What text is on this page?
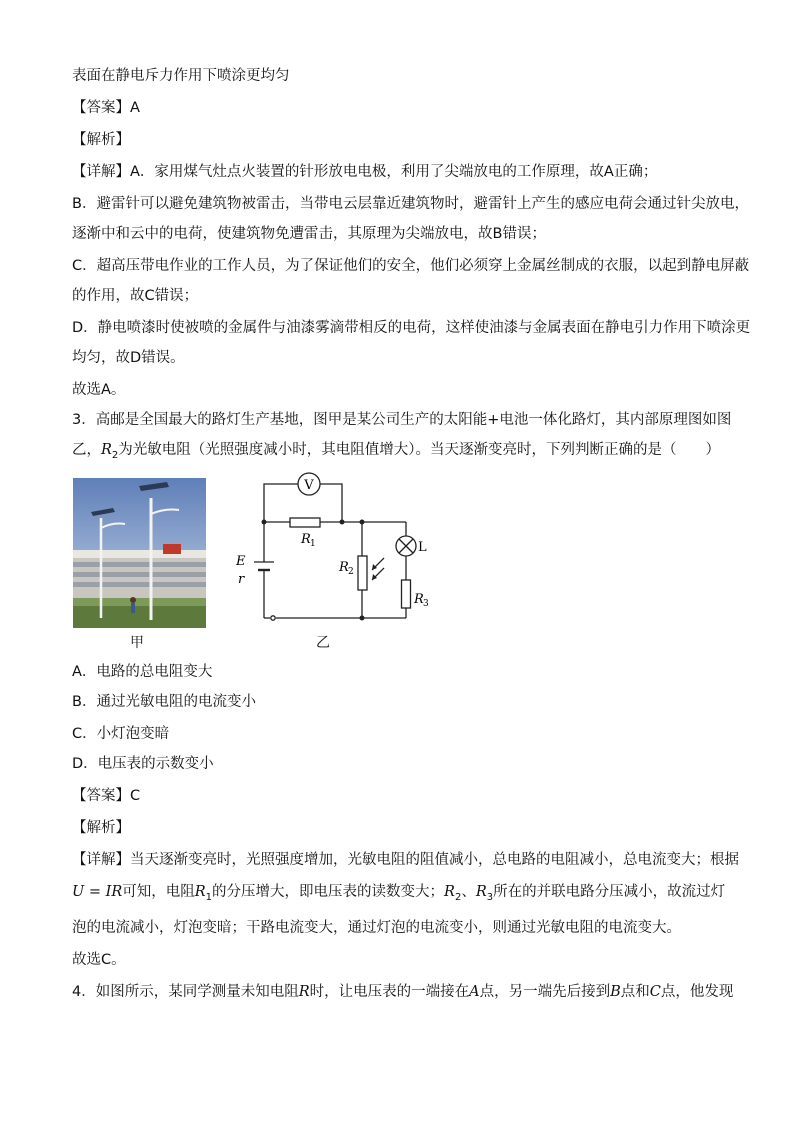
表面在静电斥力作用下喷涂更均匀
【答案】A
【解析】
【详解】A．家用煤气灶点火装置的针形放电电极，利用了尖端放电的工作原理，故A正确；
B．避雷针可以避免建筑物被雷击，当带电云层靠近建筑物时，避雷针上产生的感应电荷会通过针尖放电，
逐渐中和云中的电荷，使建筑物免遭雷击，其原理为尖端放电，故B错误；
C．超高压带电作业的工作人员，为了保证他们的安全，他们必须穿上金属丝制成的衣服，以起到静电屏蔽
的作用，故C错误；
D．静电喷漆时使被喷的金属件与油漆雾滴带相反的电荷，这样使油漆与金属表面在静电引力作用下喷涂更
均匀，故D错误。
故选A。
3．高邮是全国最大的路灯生产基地，图甲是某公司生产的太阳能+电池一体化路灯，其内部原理图如图
乙，$R_2$为光敏电阻（光照强度减小时，其电阻值增大）。当天逐渐变亮时，下列判断正确的是（　　）
甲
V
R 1
E
r
R 2
L
R 3
乙
A．电路的总电阻变大
B．通过光敏电阻的电流变小
C．小灯泡变暗
D．电压表的示数变小
【答案】C
【解析】
【详解】当天逐渐变亮时，光照强度增加，光敏电阻的阻值减小，总电路的电阻减小，总电流变大；根据
U = IR可知，电阻$R_1$的分压增大，即电压表的读数变大；$R_2$、$R_3$所在的并联电路分压减小，故流过灯
泡的电流减小，灯泡变暗；干路电流变大，通过灯泡的电流变小，则通过光敏电阻的电流变大。
故选C。
4．如图所示，某同学测量未知电阻R时，让电压表的一端接在A点，另一端先后接到B点和C点，他发现
